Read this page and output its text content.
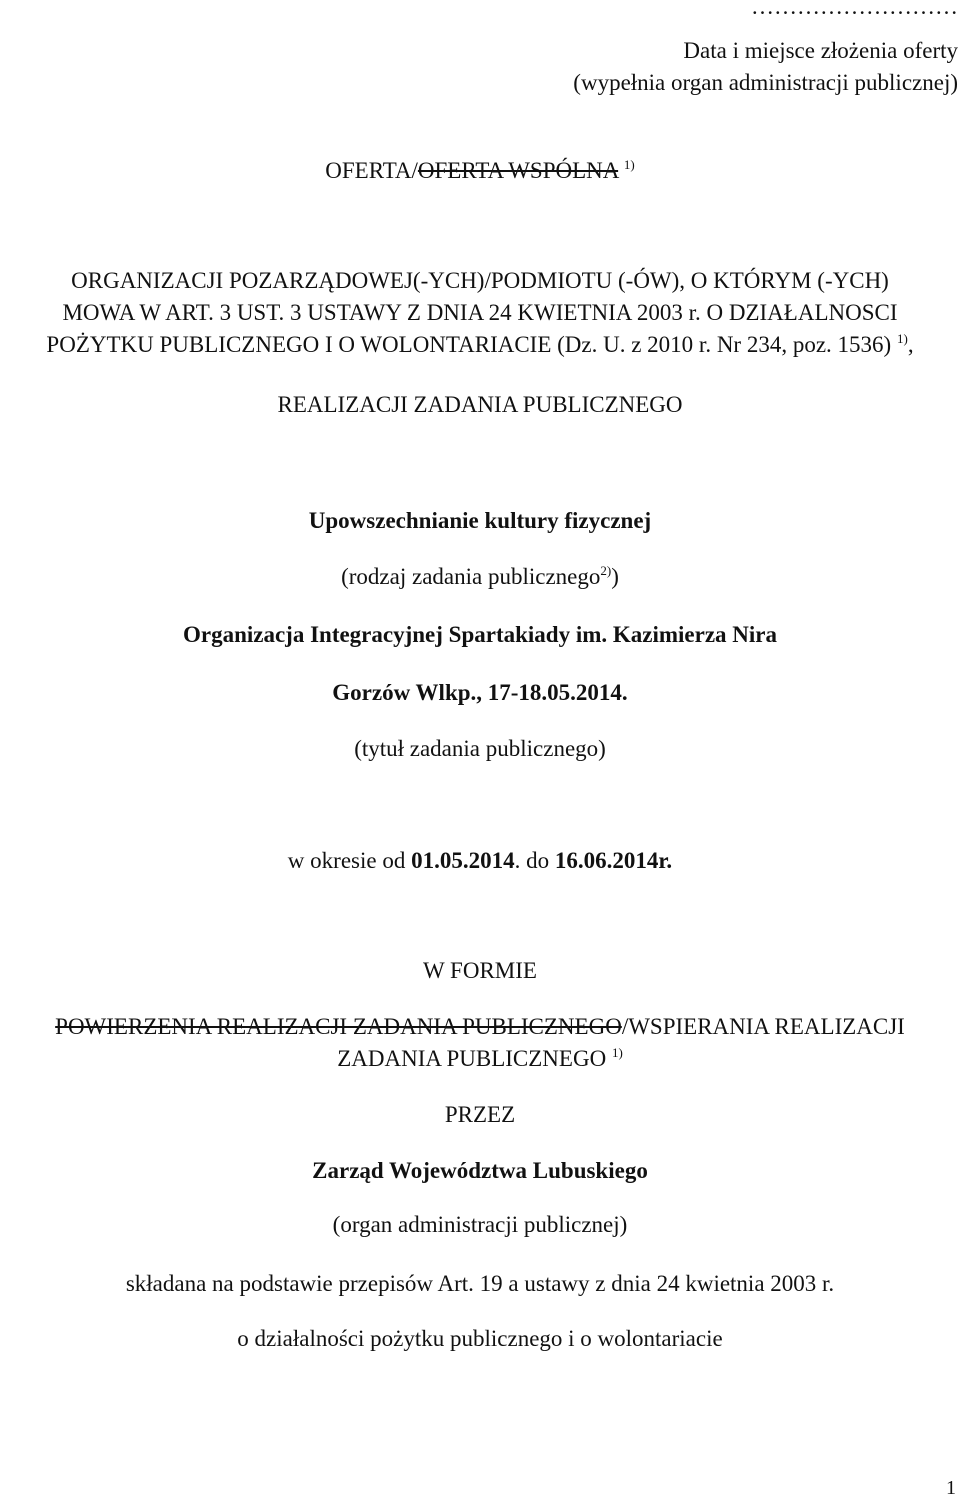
………………………
Data i miejsce złożenia oferty
(wypełnia organ administracji publicznej)
OFERTA/OFERTA WSPÓLNA $^{1)}$
ORGANIZACJI POZARZĄDOWEJ(-YCH)/PODMIOTU (-ÓW), O KTÓRYM (-YCH)
MOWA W ART. 3 UST. 3 USTAWY Z DNIA 24 KWIETNIA 2003 r. O DZIAŁALNOSCI
POŻYTKU PUBLICZNEGO I O WOLONTARIACIE (Dz. U. z 2010 r. Nr 234, poz. 1536) $^{1)}$,
REALIZACJI ZADANIA PUBLICZNEGO
Upowszechnianie kultury fizycznej
(rodzaj zadania publicznego$^{2)}$)
Organizacja Integracyjnej Spartakiady im. Kazimierza Nira
Gorzów Wlkp., 17-18.05.2014.
(tytuł zadania publicznego)
w okresie od 01.05.2014. do 16.06.2014r.
W FORMIE
POWIERZENIA REALIZACJI ZADANIA PUBLICZNEGO/WSPIERANIA REALIZACJI
ZADANIA PUBLICZNEGO $^{1)}$
PRZEZ
Zarząd Województwa Lubuskiego
(organ administracji publicznej)
składana na podstawie przepisów Art. 19 a ustawy z dnia 24 kwietnia 2003 r.
o działalności pożytku publicznego i o wolontariacie
1
